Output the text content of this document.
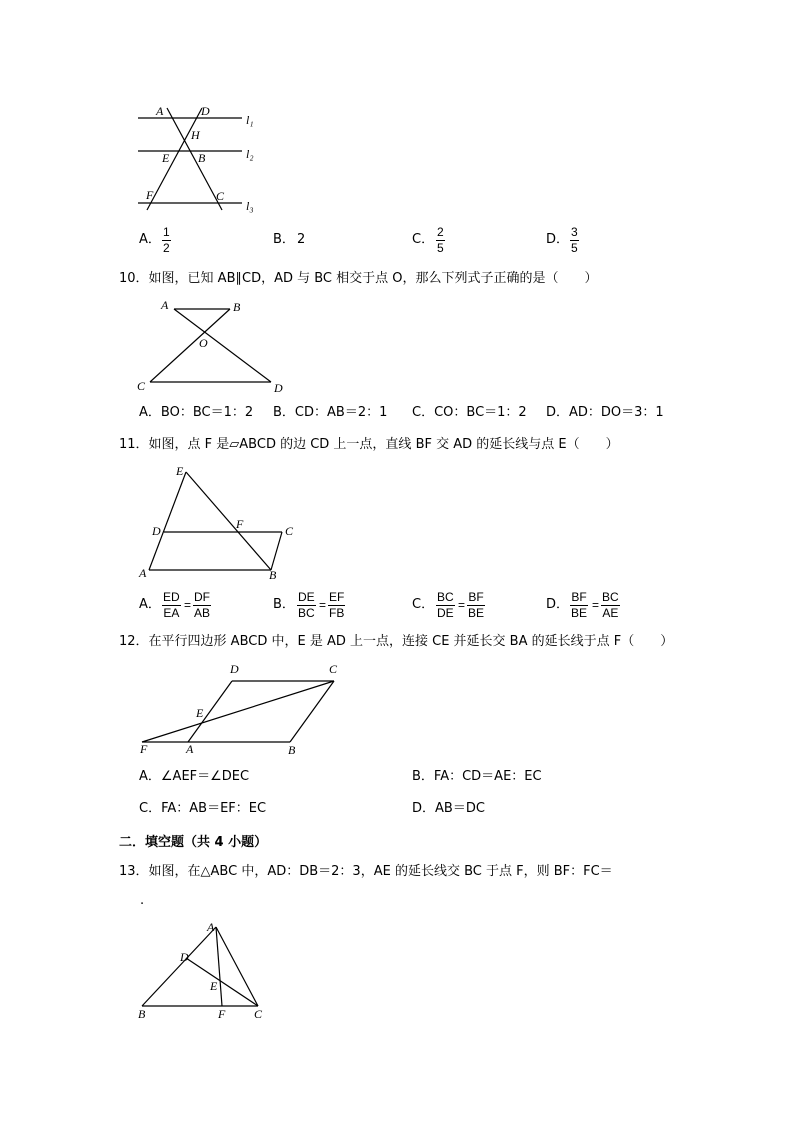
A	D
l₁
H
E B	l₂
F	C
l₃
A． 1
2
B． 2	C． 2
5
D． 3
5
10．如图，已知 AB∥CD，AD 与 BC 相交于点 O，那么下列式子正确的是（　　）
A	B
O
C	D
A．BO：BC＝1：2 B．CD：AB＝2：1 C．CO：BC＝1：2 D．AD：DO＝3：1
11．如图，点 F 是▱ABCD 的边 CD 上一点，直线 BF 交 AD 的延长线与点 E（　　）
E
D	F	C
A	B
A． ED
EA
=
DF
AB
B． DE
BC
=
EF
FB
C． BC
DE
=
BF
BE
D． BF
BE
=
BC
AE
12．在平行四边形 ABCD 中，E 是 AD 上一点，连接 CE 并延长交 BA 的延长线于点 F（　　）
D	C
E
F	A	B
A．∠AEF＝∠DEC	B．FA：CD＝AE：EC
C．FA：AB＝EF：EC	D．AB＝DC
二．填空题（共 4 小题）
13．如图，在△ABC 中，AD：DB＝2：3，AE 的延长线交 BC 于点 F，则 BF：FC＝
.
A
D
E
B	F C
